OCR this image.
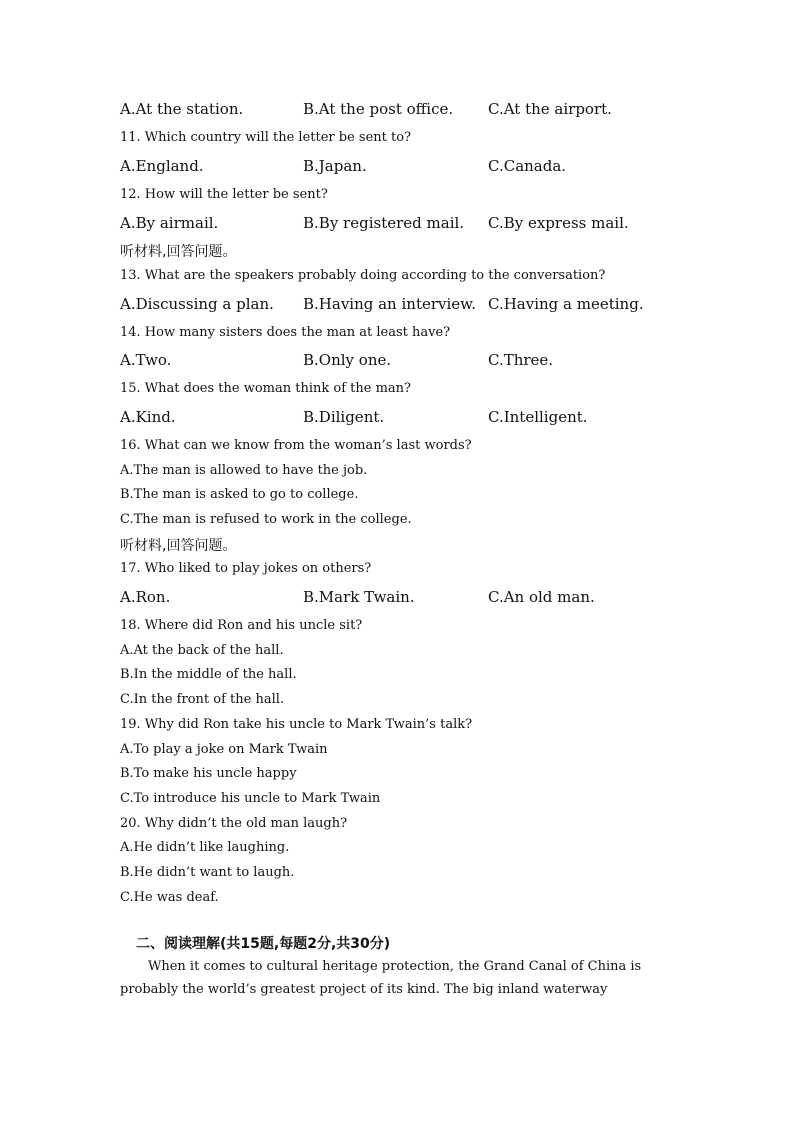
A.At the station.	B.At the post office. C.At the airport.
11. Which country will the letter be sent to?
A.England.	B.Japan.	C.Canada.
12. How will the letter be sent?
A.By airmail.	B.By registered mail. C.By express mail.
听材料,回答问题。
13. What are the speakers probably doing according to the conversation?
A.Discussing a plan. B.Having an interview. C.Having a meeting.
14. How many sisters does the man at least have?
A.Two.	B.Only one.	C.Three.
15. What does the woman think of the man?
A.Kind.	B.Diligent.	C.Intelligent.
16. What can we know from the woman’s last words?
A.The man is allowed to have the job.
B.The man is asked to go to college.
C.The man is refused to work in the college.
听材料,回答问题。
17. Who liked to play jokes on others?
A.Ron.	B.Mark Twain.	C.An old man.
18. Where did Ron and his uncle sit?
A.At the back of the hall.
B.In the middle of the hall.
C.In the front of the hall.
19. Why did Ron take his uncle to Mark Twain’s talk?
A.To play a joke on Mark Twain
B.To make his uncle happy
C.To introduce his uncle to Mark Twain
20. Why didn’t the old man laugh?
A.He didn’t like laughing.
B.He didn’t want to laugh.
C.He was deaf.
二、阅读理解(共15题,每题2分,共30分)
When it comes to cultural heritage protection, the Grand Canal of China is
probably the world’s greatest project of its kind. The big inland waterway
